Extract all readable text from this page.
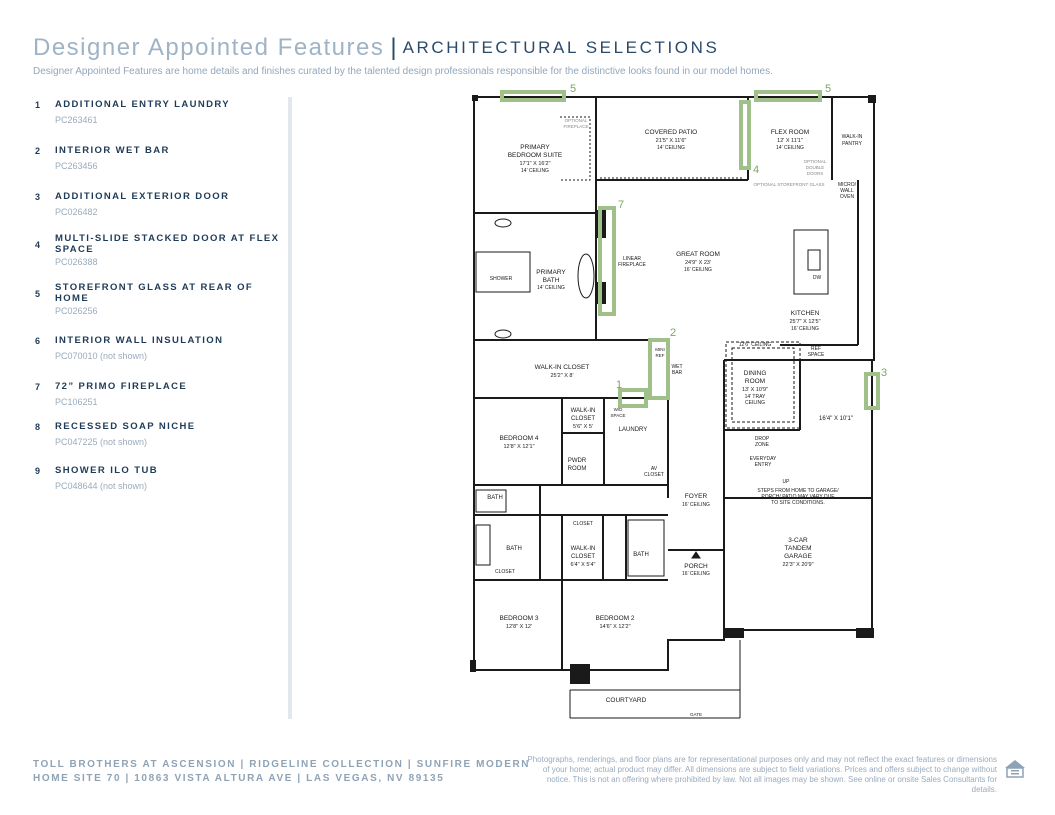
Designer Appointed Features | ARCHITECTURAL SELECTIONS
Designer Appointed Features are home details and finishes curated by the talented design professionals responsible for the distinctive looks found in our model homes.
1 ADDITIONAL ENTRY LAUNDRY
PC263461
2 INTERIOR WET BAR
PC263456
3 ADDITIONAL EXTERIOR DOOR
PC026482
4
MULTI-SLIDE STACKED DOOR AT FLEX SPACE
PC026388
5
STOREFRONT GLASS AT REAR OF HOME
PC026256
6 INTERIOR WALL INSULATION
PC070010 (not shown)
7 72” PRIMO FIREPLACE
PC106251
8 RECESSED SOAP NICHE
PC047225 (not shown)
9 SHOWER ILO TUB
PC048644 (not shown)
5	5
4
7
2
1
3
PRIMARY
BEDROOM SUITE
17'1" X 16'2"
14' CEILING
COVERED PATIO
21'5" X 11'6"
14' CEILING
FLEX ROOM
12' X 11'1"
14' CEILING
WALK-IN
PANTRY
PRIMARY
BATH
14' CEILING
GREAT ROOM
24'9" X 23'
16' CEILING
KITCHEN
25'7" X 12'5"
16' CEILING
WALK-IN CLOSET
25'2" X 8'	DINING
ROOM
13' X 10'9"
14' TRAY
CEILING
BEDROOM 4
12'8" X 12'1"
WALK-IN
CLOSET
5'6" X 5'
16'4" X 10'1"
3-CAR
TANDEM
GARAGE
22'3" X 20'9"
BEDROOM 3
12'8" X 12'
BEDROOM 2
14'6" X 12'2"
WALK-IN
CLOSET
6'4" X 5'4"
FOYER
16' CEILING
PORCH
16' CEILING
STEPS FROM HOME TO GARAGE/
PORCH/ PATIO MAY VARY DUE
TO SITE CONDITIONS.
EVERYDAY
ENTRY
DROP
ZONE
REF
SPACE
MICRO/
WALL
OVEN
OPTIONAL
FIREPLACE
OPTIONAL
DOUBLE
DOORS
LINEAR
FIREPLACE
W/D
SPACE
MINI
REF
WET
BAR
AV
CLOSET
OPTIONAL STOREFRONT GLASS
SHOWER
LAUNDRY
PWDR
ROOM
BATH
BATH
BATH
CLOSET
CLOSET
COURTYARD
GATE
UP
DW
12'6" CEILING
TOLL BROTHERS AT ASCENSION | RIDGELINE COLLECTION | SUNFIRE MODERN
HOME SITE 70 | 10863 VISTA ALTURA AVE | LAS VEGAS, NV 89135
Photographs, renderings, and floor plans are for representational purposes only and may not reflect the exact features or dimensions of your home; actual product may differ. All dimensions are subject to field variations. Prices and offers subject to change without notice. This is not an offering where prohibited by law. Not all images may be shown. See online or onsite Sales Consultants for details.
